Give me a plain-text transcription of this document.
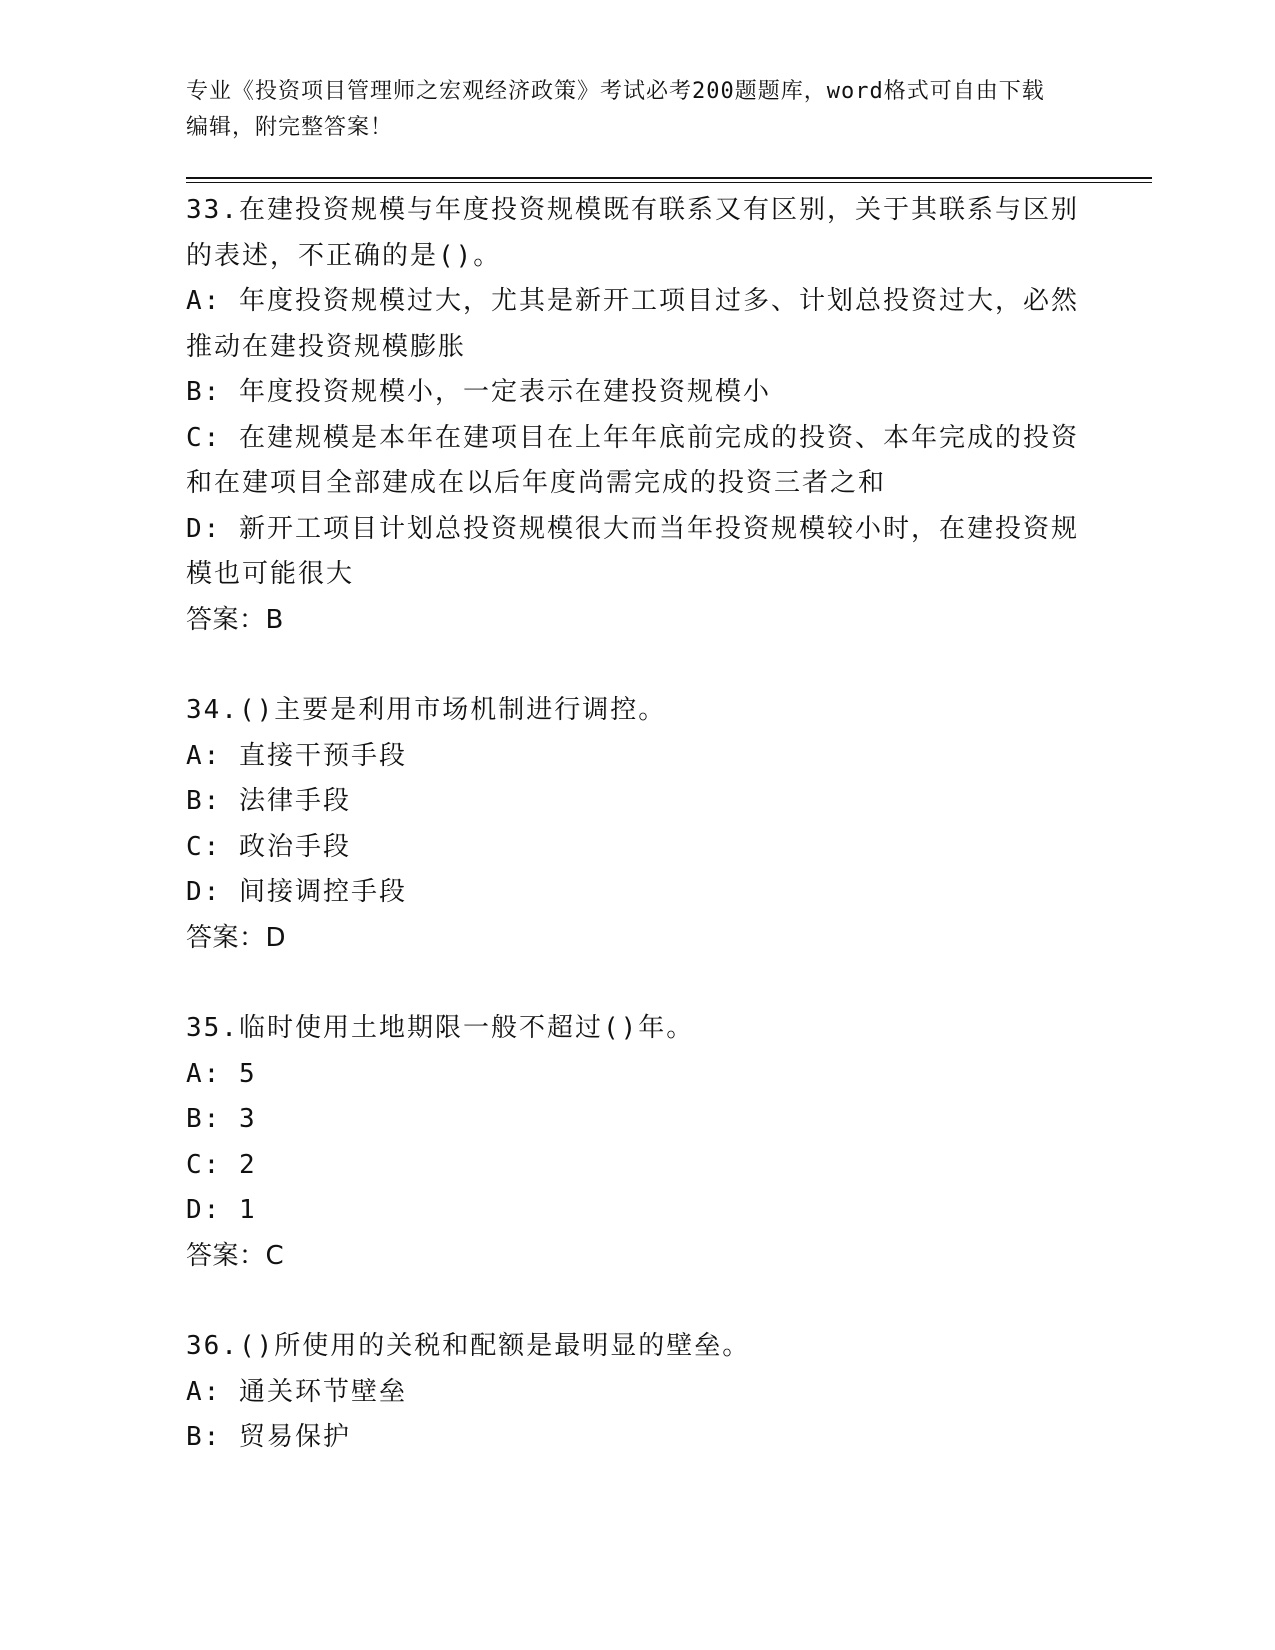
专业《投资项目管理师之宏观经济政策》考试必考200题题库，word格式可自由下载编辑，附完整答案！

33.在建投资规模与年度投资规模既有联系又有区别，关于其联系与区别的表述，不正确的是()。

A: 年度投资规模过大，尤其是新开工项目过多、计划总投资过大，必然推动在建投资规模膨胀

B: 年度投资规模小，一定表示在建投资规模小

C: 在建规模是本年在建项目在上年年底前完成的投资、本年完成的投资和在建项目全部建成在以后年度尚需完成的投资三者之和

D: 新开工项目计划总投资规模很大而当年投资规模较小时，在建投资规模也可能很大

答案：B

34.()主要是利用市场机制进行调控。

A: 直接干预手段

B: 法律手段

C: 政治手段

D: 间接调控手段

答案：D

35.临时使用土地期限一般不超过()年。

A: 5

B: 3

C: 2

D: 1

答案：C

36.()所使用的关税和配额是最明显的壁垒。

A: 通关环节壁垒

B: 贸易保护
